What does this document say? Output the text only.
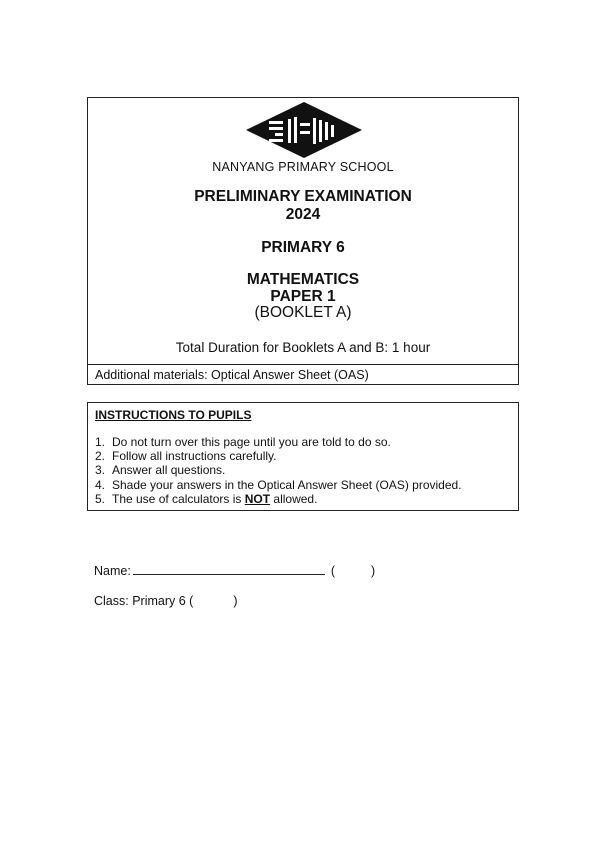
NANYANG PRIMARY SCHOOL
PRELIMINARY EXAMINATION
2024
PRIMARY 6
MATHEMATICS
PAPER 1
(BOOKLET A)
Total Duration for Booklets A and B: 1 hour
Additional materials: Optical Answer Sheet (OAS)
INSTRUCTIONS TO PUPILS
1. Do not turn over this page until you are told to do so.
2. Follow all instructions carefully.
3. Answer all questions.
4. Shade your answers in the Optical Answer Sheet (OAS) provided.
5. The use of calculators is NOT allowed.
Name:	(	)
Class: Primary 6 (	)
